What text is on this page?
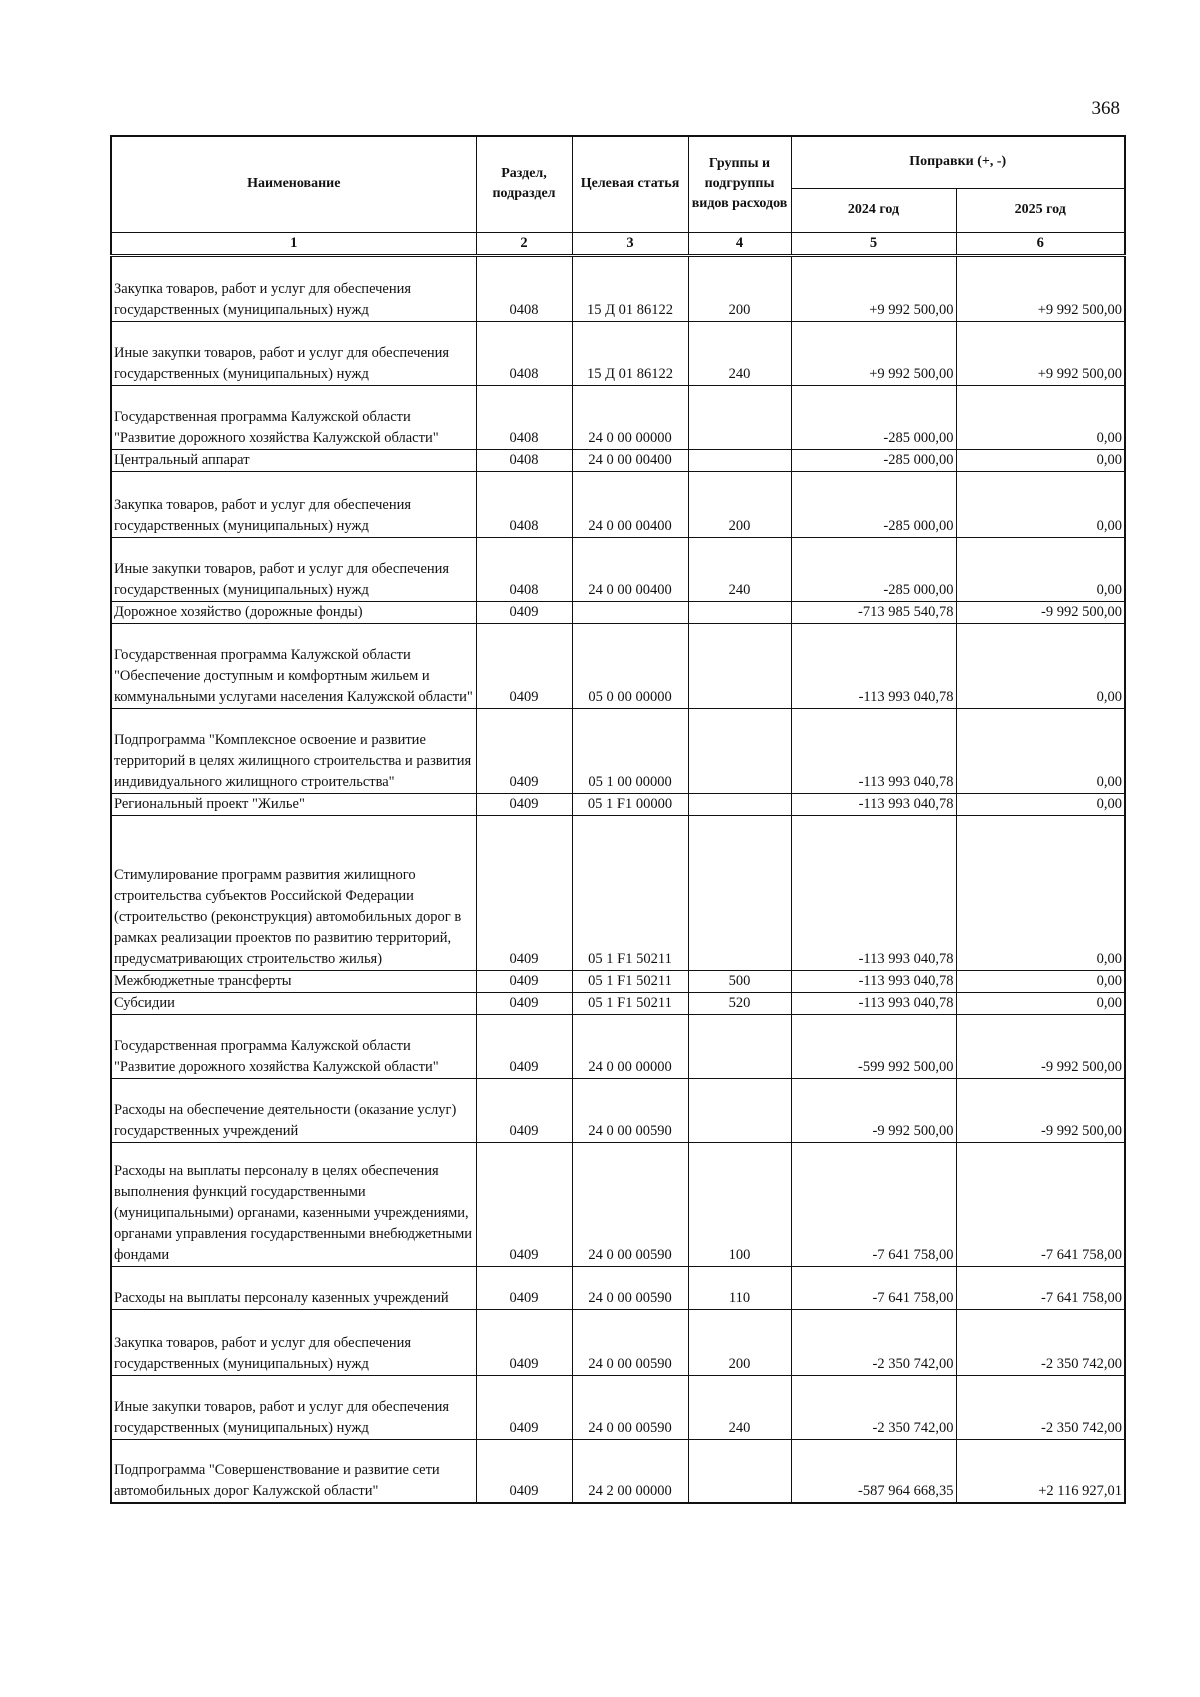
368
Наименование	Раздел, подраздел	Целевая статья	Группы и подгруппы видов расходов	Поправки (+, -)	
				2024 год	2025 год
1	2	3	4	5	6
Закупка товаров, работ и услуг для обеспечения государственных (муниципальных) нужд	0408	15 Д 01 86122	200	+9 992 500,00	+9 992 500,00
Иные закупки товаров, работ и услуг для обеспечения государственных (муниципальных) нужд	0408	15 Д 01 86122	240	+9 992 500,00	+9 992 500,00
Государственная программа Калужской области "Развитие дорожного хозяйства Калужской области"	0408	24 0 00 00000		-285 000,00	0,00
Центральный аппарат	0408	24 0 00 00400		-285 000,00	0,00
Закупка товаров, работ и услуг для обеспечения государственных (муниципальных) нужд	0408	24 0 00 00400	200	-285 000,00	0,00
Иные закупки товаров, работ и услуг для обеспечения государственных (муниципальных) нужд	0408	24 0 00 00400	240	-285 000,00	0,00
Дорожное хозяйство (дорожные фонды)	0409			-713 985 540,78	-9 992 500,00
Государственная программа Калужской области "Обеспечение доступным и комфортным жильем и коммунальными услугами населения Калужской области"	0409	05 0 00 00000		-113 993 040,78	0,00
Подпрограмма "Комплексное освоение и развитие территорий в целях жилищного строительства и развития индивидуального жилищного строительства"	0409	05 1 00 00000		-113 993 040,78	0,00
Региональный проект "Жилье"	0409	05 1 F1 00000		-113 993 040,78	0,00
Стимулирование программ развития жилищного строительства субъектов Российской Федерации (строительство (реконструкция) автомобильных дорог в рамках реализации проектов по развитию территорий, предусматривающих строительство жилья)	0409	05 1 F1 50211		-113 993 040,78	0,00
Межбюджетные трансферты	0409	05 1 F1 50211	500	-113 993 040,78	0,00
Субсидии	0409	05 1 F1 50211	520	-113 993 040,78	0,00
Государственная программа Калужской области "Развитие дорожного хозяйства Калужской области"	0409	24 0 00 00000		-599 992 500,00	-9 992 500,00
Расходы на обеспечение деятельности (оказание услуг) государственных учреждений	0409	24 0 00 00590		-9 992 500,00	-9 992 500,00
Расходы на выплаты персоналу в целях обеспечения выполнения функций государственными (муниципальными) органами, казенными учреждениями, органами управления государственными внебюджетными фондами	0409	24 0 00 00590	100	-7 641 758,00	-7 641 758,00
Расходы на выплаты персоналу казенных учреждений	0409	24 0 00 00590	110	-7 641 758,00	-7 641 758,00
Закупка товаров, работ и услуг для обеспечения государственных (муниципальных) нужд	0409	24 0 00 00590	200	-2 350 742,00	-2 350 742,00
Иные закупки товаров, работ и услуг для обеспечения государственных (муниципальных) нужд	0409	24 0 00 00590	240	-2 350 742,00	-2 350 742,00
Подпрограмма "Совершенствование и развитие сети автомобильных дорог Калужской области"	0409	24 2 00 00000		-587 964 668,35	+2 116 927,01
